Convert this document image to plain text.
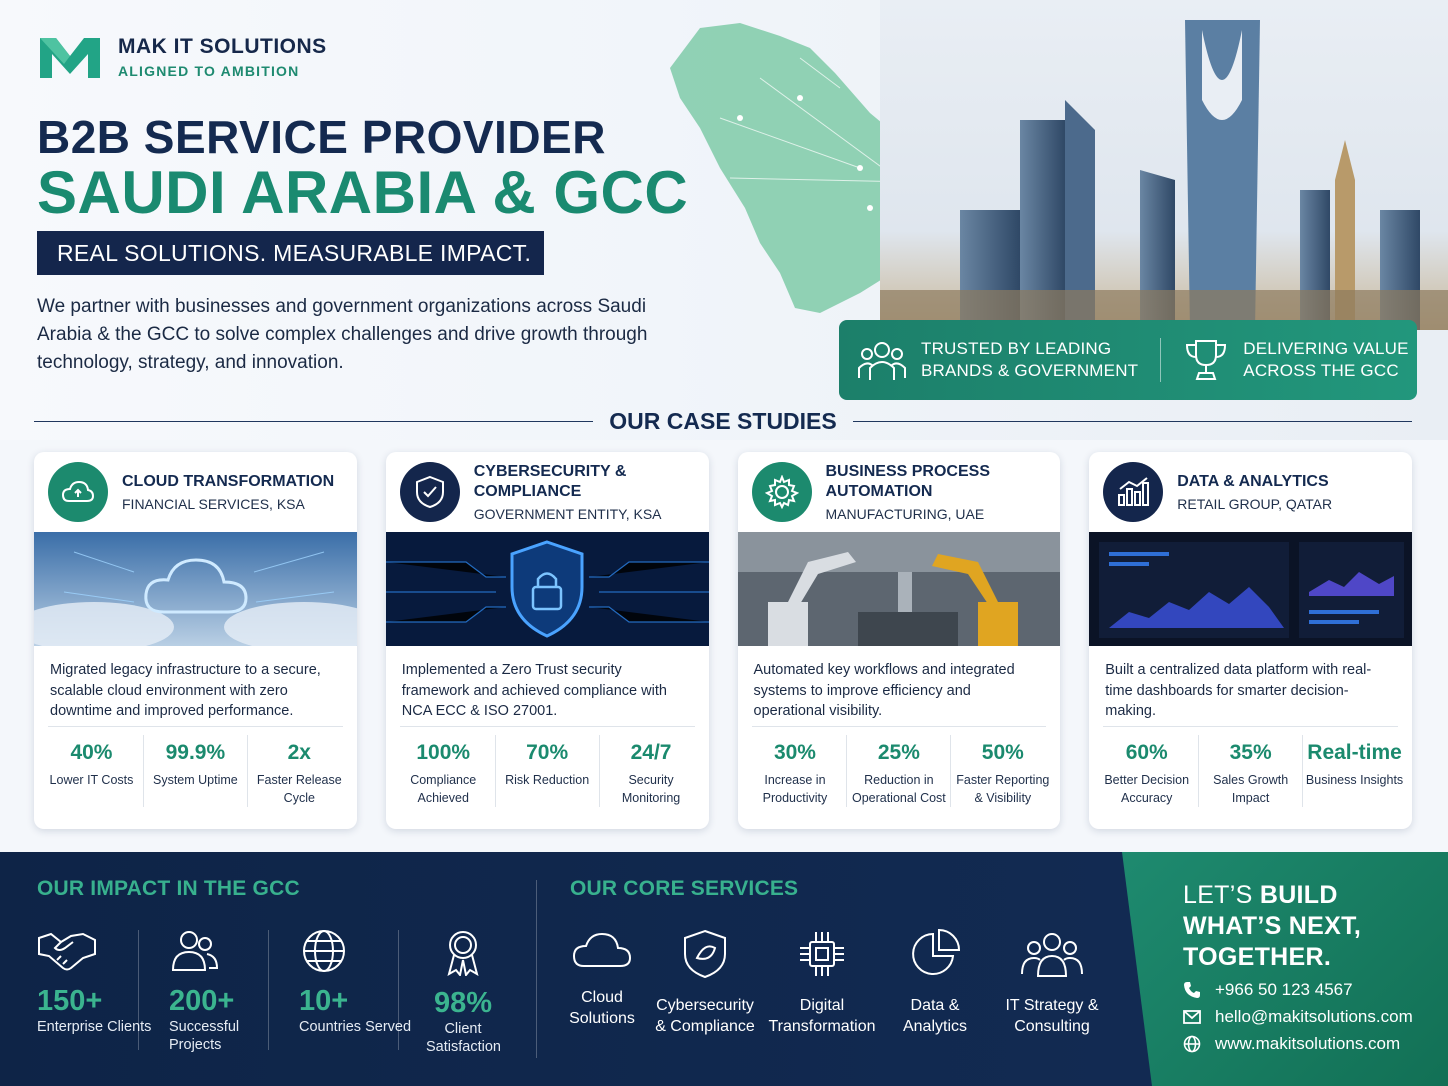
MAK IT SOLUTIONS
ALIGNED TO AMBITION
B2B SERVICE PROVIDER
SAUDI ARABIA & GCC
REAL SOLUTIONS. MEASURABLE IMPACT.
We partner with businesses and government organizations across Saudi Arabia & the GCC to solve complex challenges and drive growth through technology, strategy, and innovation.
TRUSTED BY LEADING
BRANDS & GOVERNMENT
DELIVERING VALUE
ACROSS THE GCC
OUR CASE STUDIES
CLOUD TRANSFORMATION
FINANCIAL SERVICES, KSA
Migrated legacy infrastructure to a secure, scalable cloud environment with zero downtime and improved performance.
40%
Lower IT Costs
99.9%
System Uptime
2x
Faster Release Cycle
CYBERSECURITY & COMPLIANCE
GOVERNMENT ENTITY, KSA
Implemented a Zero Trust security framework and achieved compliance with NCA ECC & ISO 27001.
100%
Compliance Achieved
70%
Risk Reduction
24/7
Security Monitoring
BUSINESS PROCESS AUTOMATION
MANUFACTURING, UAE
Automated key workflows and integrated systems to improve efficiency and operational visibility.
30%
Increase in Productivity
25%
Reduction in Operational Cost
50%
Faster Reporting & Visibility
DATA & ANALYTICS
RETAIL GROUP, QATAR
Built a centralized data platform with real-time dashboards for smarter decision-making.
60%
Better Decision Accuracy
35%
Sales Growth Impact
Real-time
Business Insights
OUR IMPACT IN THE GCC
150+
Enterprise Clients
200+
Successful Projects
10+
Countries Served
98%
Client Satisfaction
OUR CORE SERVICES
Cloud Solutions
Cybersecurity & Compliance
Digital Transformation
Data & Analytics
IT Strategy & Consulting
LET’S BUILD
WHAT’S NEXT,
TOGETHER.
+966 50 123 4567
hello@makitsolutions.com
www.makitsolutions.com
